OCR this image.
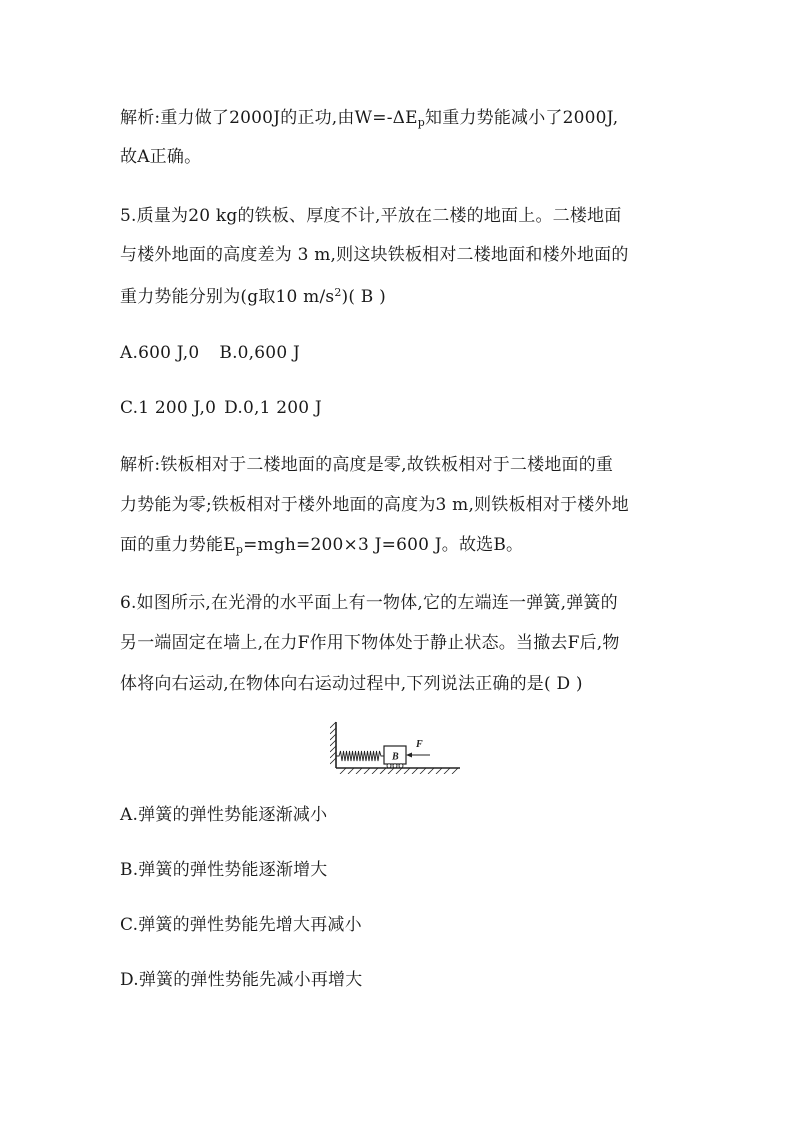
解析:重力做了2000J的正功,由$W=-\Delta E_p$知重力势能减小了2000J,
故A正确。
5.质量为20 kg的铁板、厚度不计,平放在二楼的地面上。二楼地面
与楼外地面的高度差为 3 m,则这块铁板相对二楼地面和楼外地面的
重力势能分别为(g取10 $m/s^2$)( B )
A.600 J,0 B.0,600 J
C.1 200 J,0 D.0,1 200 J
解析:铁板相对于二楼地面的高度是零,故铁板相对于二楼地面的重
力势能为零;铁板相对于楼外地面的高度为3 m,则铁板相对于楼外地
面的重力势能$E_p=mgh=200\times 3$ J=600 J。故选B。
6.如图所示,在光滑的水平面上有一物体,它的左端连一弹簧,弹簧的
另一端固定在墙上,在力F作用下物体处于静止状态。当撤去F后,物
体将向右运动,在物体向右运动过程中,下列说法正确的是( D )
B
F
A.弹簧的弹性势能逐渐减小
B.弹簧的弹性势能逐渐增大
C.弹簧的弹性势能先增大再减小
D.弹簧的弹性势能先减小再增大
